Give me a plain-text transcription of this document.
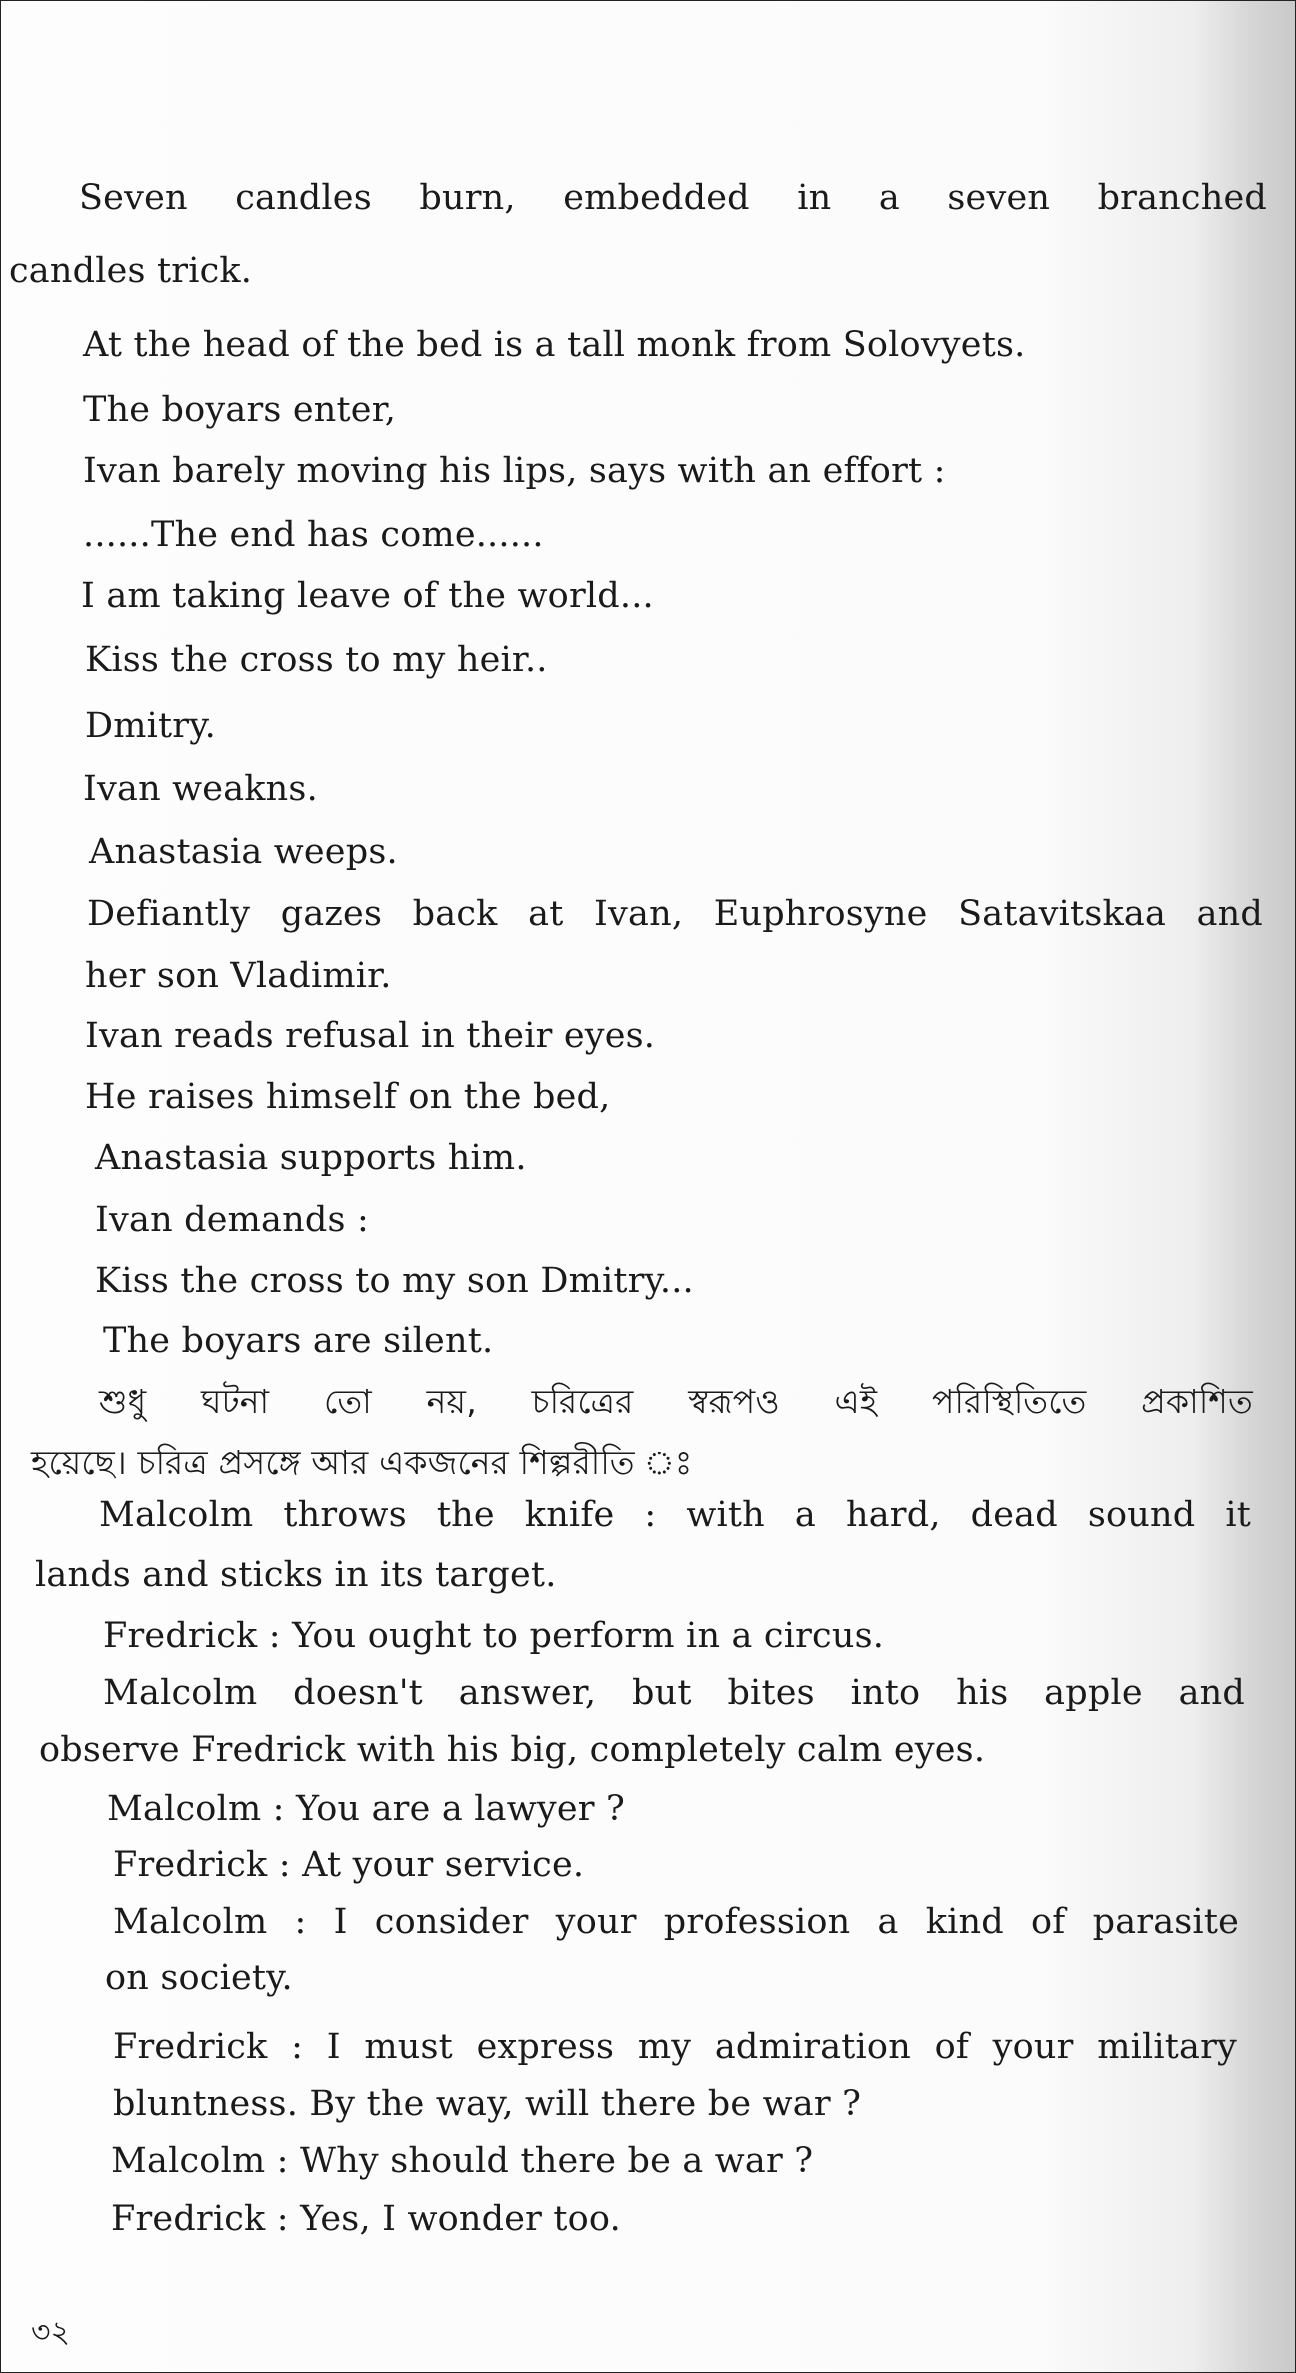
Seven candles burn, embedded in a seven branched

candles trick.

At the head of the bed is a tall monk from Solovyets.

The boyars enter,

Ivan barely moving his lips, says with an effort :

......The end has come......

I am taking leave of the world...

Kiss the cross to my heir..

Dmitry.

Ivan weakns.

Anastasia weeps.

Defiantly gazes back at Ivan, Euphrosyne Satavitskaa and

her son Vladimir.

Ivan reads refusal in their eyes.

He raises himself on the bed,

Anastasia supports him.

Ivan demands :

Kiss the cross to my son Dmitry...

The boyars are silent.

শুধু ঘটনা তো নয়, চরিত্রের স্বরূপও এই পরিস্থিতিতে প্রকাশিত

হয়েছে। চরিত্র প্রসঙ্গে আর একজনের শিল্পরীতি ঃ

Malcolm throws the knife : with a hard, dead sound it

lands and sticks in its target.

Fredrick : You ought to perform in a circus.

Malcolm doesn't answer, but bites into his apple and

observe Fredrick with his big, completely calm eyes.

Malcolm : You are a lawyer ?

Fredrick : At your service.

Malcolm : I consider your profession a kind of parasite

on society.

Fredrick : I must express my admiration of your military

bluntness. By the way, will there be war ?

Malcolm : Why should there be a war ?

Fredrick : Yes, I wonder too.

৩২
